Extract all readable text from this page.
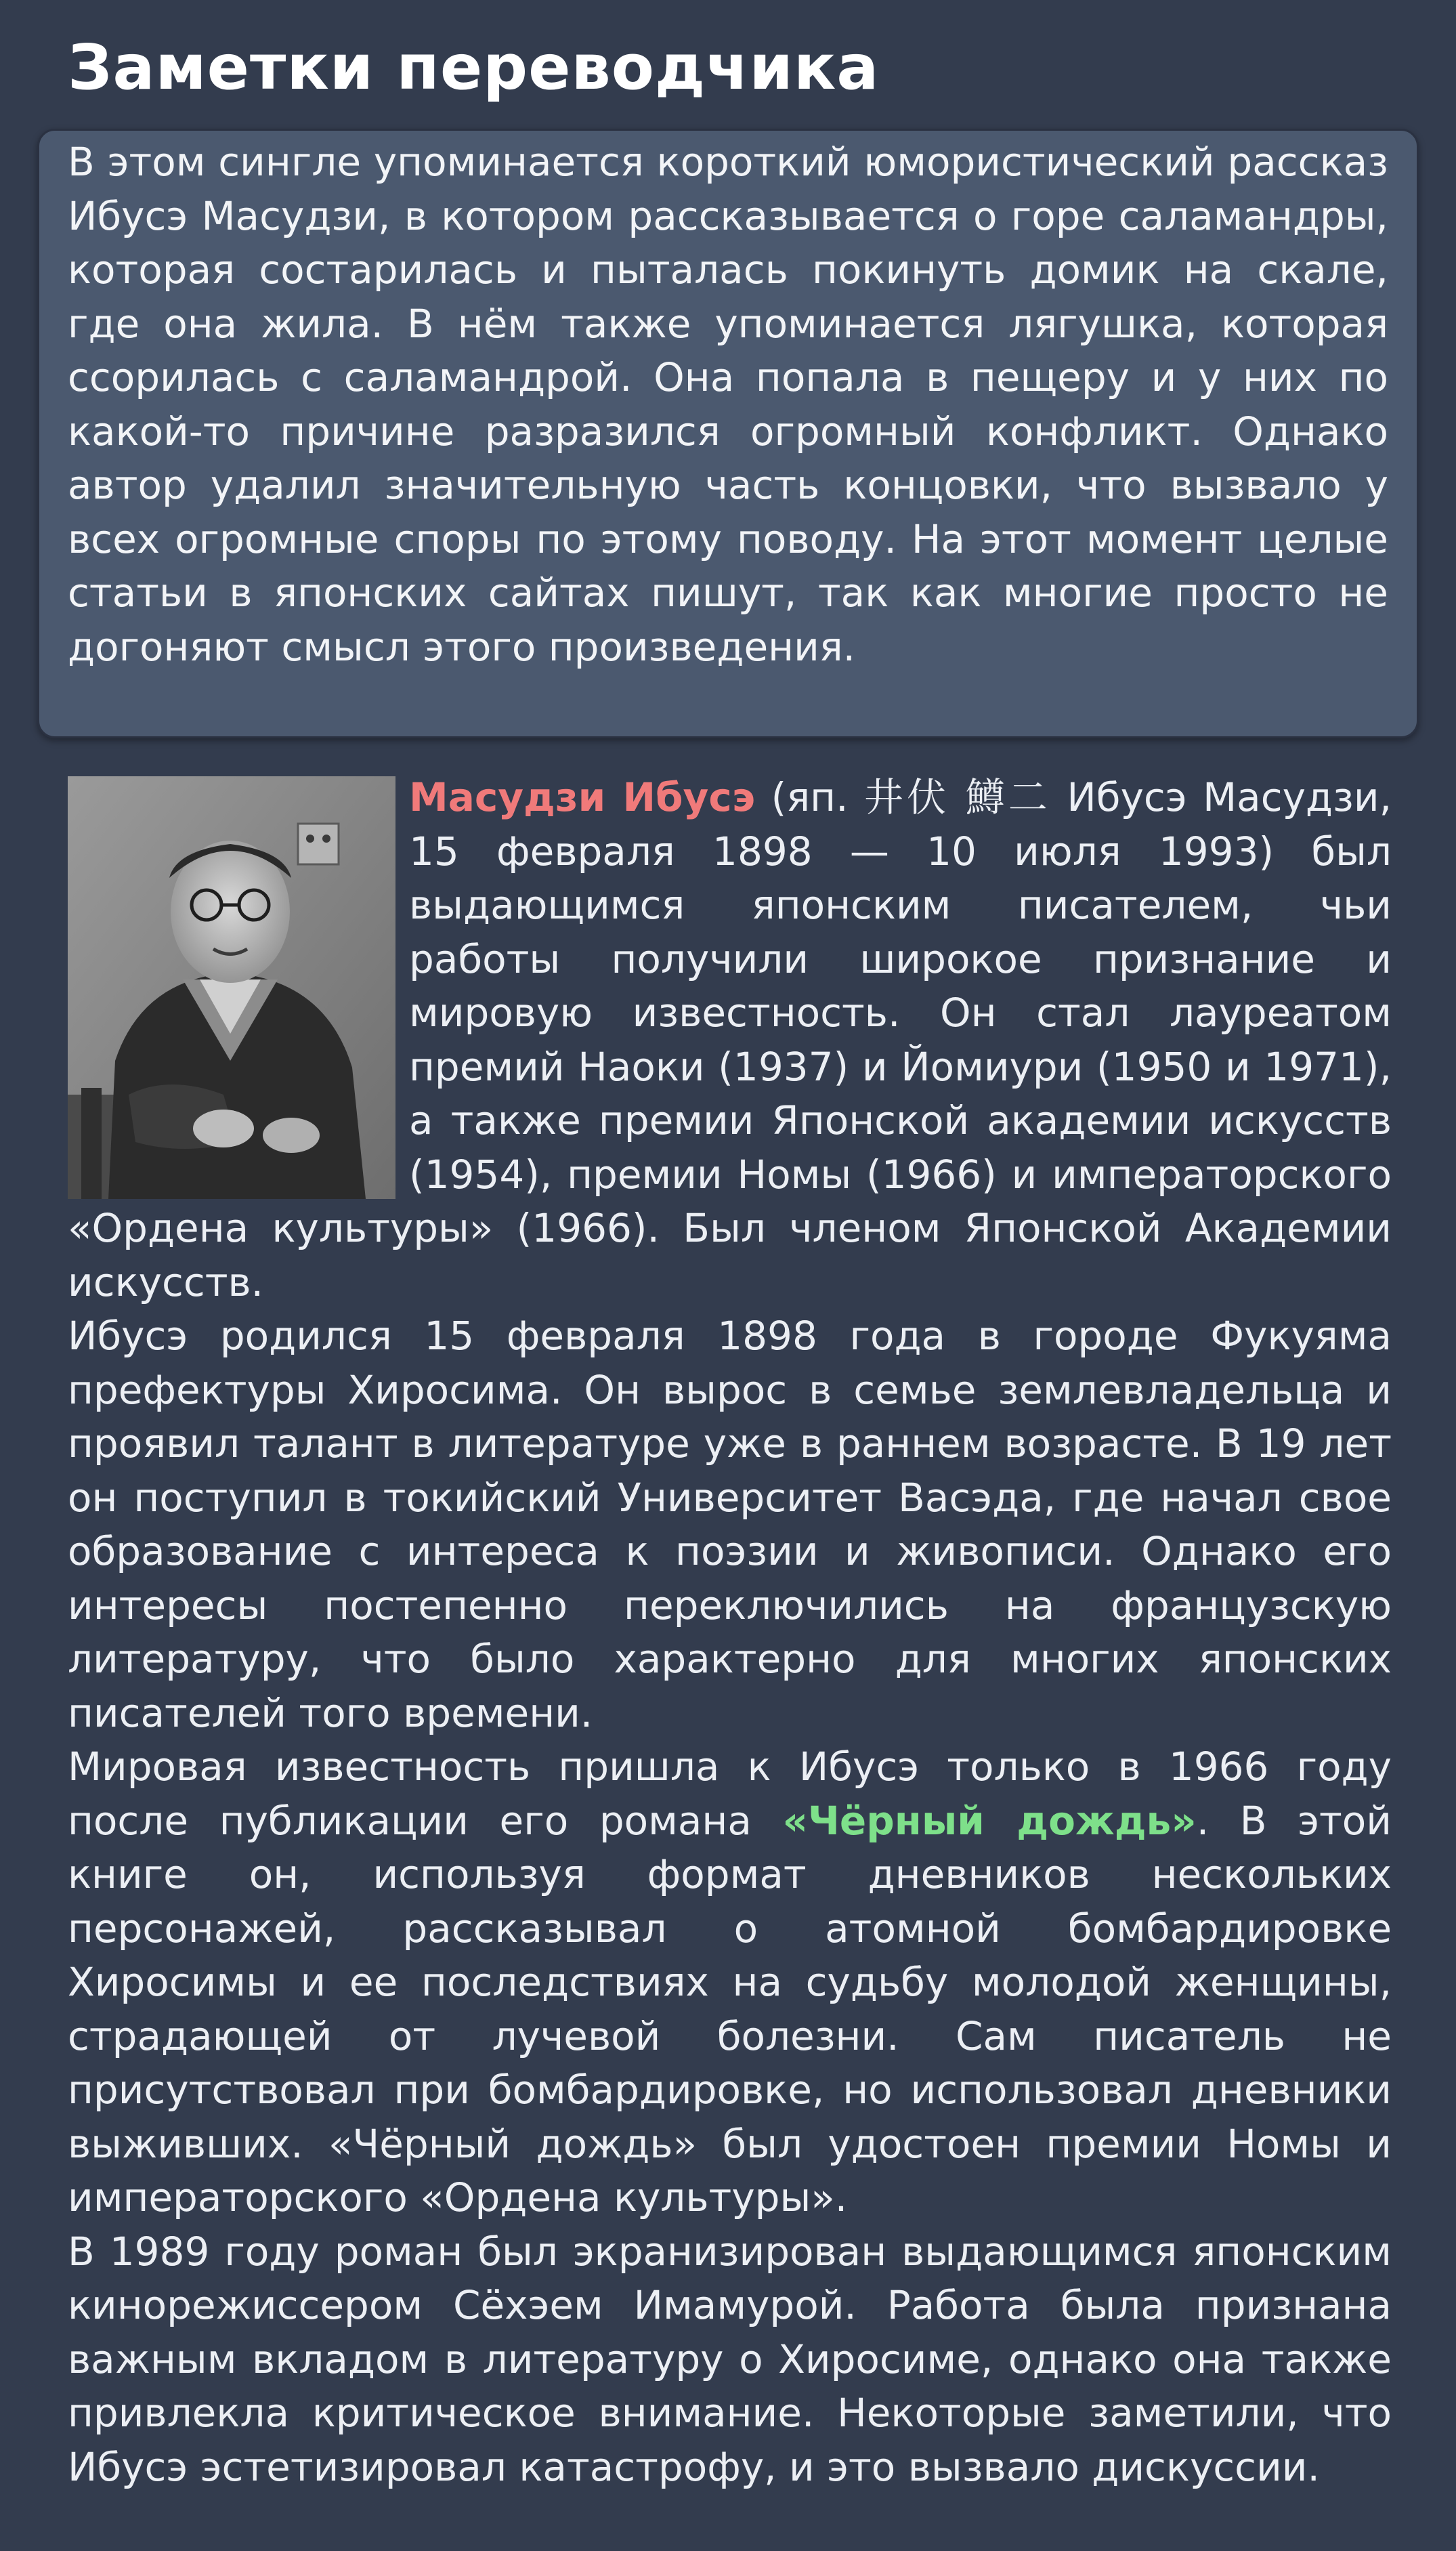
Заметки переводчика

В этом сингле упоминается короткий юмористический рассказ Ибусэ Масудзи, в котором рассказывается о горе саламандры, которая состарилась и пыталась покинуть домик на скале, где она жила. В нём также упоминается лягушка, которая ссорилась с саламандрой. Она попала в пещеру и у них по какой-то причине разразился огромный конфликт. Однако автор удалил значительную часть концовки, что вызвало у всех огромные споры по этому поводу. На этот момент целые статьи в японских сайтах пишут, так как многие просто не догоняют смысл этого произведения.

Масудзи Ибусэ (яп. 井伏 鱒二 Ибусэ Масудзи, 15 февраля 1898 — 10 июля 1993) был выдающимся японским писателем, чьи работы получили широкое признание и мировую известность. Он стал лауреатом премий Наоки (1937) и Йомиури (1950 и 1971), а также премии Японской академии искусств (1954), премии Номы (1966) и императорского «Ордена культуры» (1966). Был членом Японской Академии искусств.

Ибусэ родился 15 февраля 1898 года в городе Фукуяма префектуры Хиросима. Он вырос в семье землевладельца и проявил талант в литературе уже в раннем возрасте. В 19 лет он поступил в токийский Университет Васэда, где начал свое образование с интереса к поэзии и живописи. Однако его интересы постепенно переключились на французскую литературу, что было характерно для многих японских писателей того времени.

Мировая известность пришла к Ибусэ только в 1966 году после публикации его романа «Чёрный дождь». В этой книге он, используя формат дневников нескольких персонажей, рассказывал о атомной бомбардировке Хиросимы и ее последствиях на судьбу молодой женщины, страдающей от лучевой болезни. Сам писатель не присутствовал при бомбардировке, но использовал дневники выживших. «Чёрный дождь» был удостоен премии Номы и императорского «Ордена культуры».

В 1989 году роман был экранизирован выдающимся японским кинорежиссером Сёхэем Имамурой. Работа была признана важным вкладом в литературу о Хиросиме, однако она также привлекла критическое внимание. Некоторые заметили, что Ибусэ эстетизировал катастрофу, и это вызвало дискуссии.
